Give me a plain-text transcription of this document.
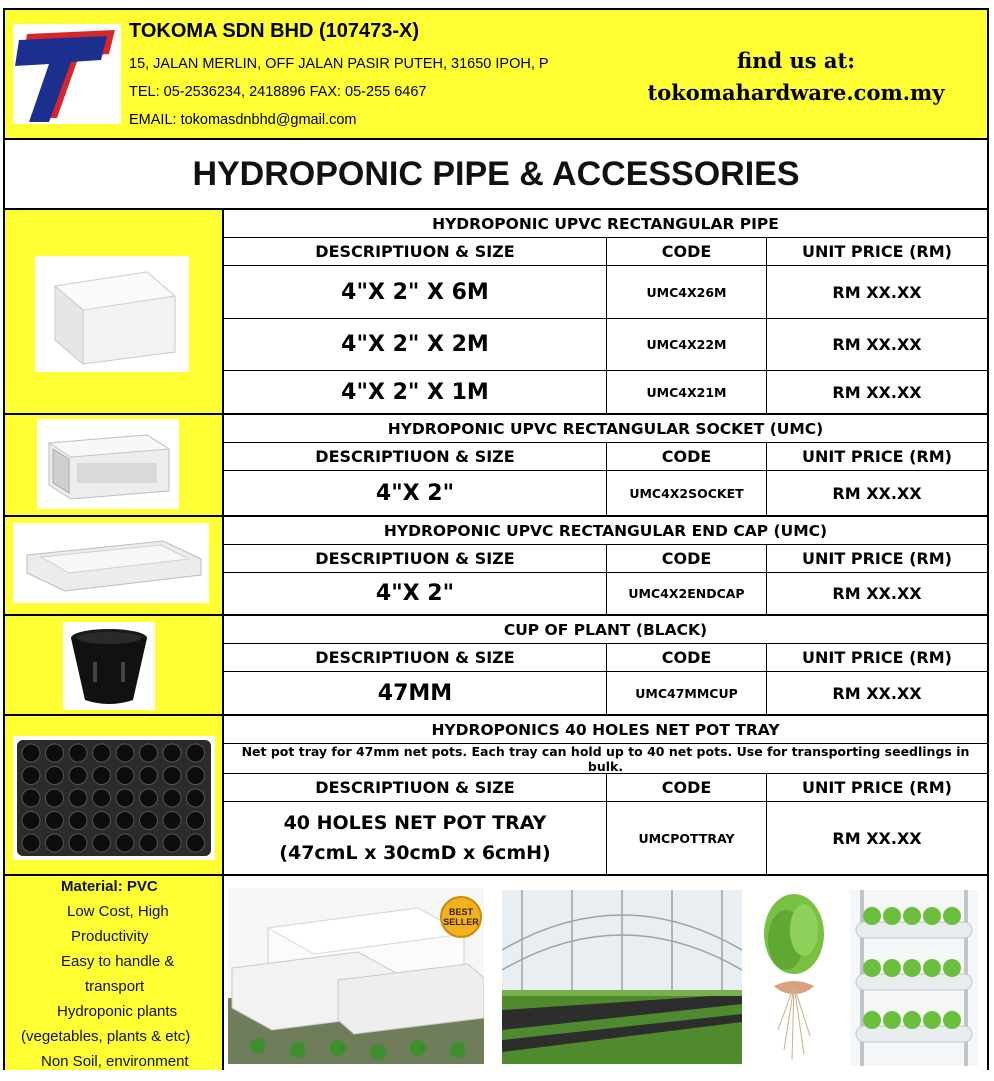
TOKOMA SDN BHD (107473-X)
15, JALAN MERLIN, OFF JALAN PASIR PUTEH, 31650 IPOH, P
TEL: 05-2536234, 2418896 FAX: 05-255 6467
EMAIL: tokomasdnbhd@gmail.com
find us at:
tokomahardware.com.my
HYDROPONIC PIPE & ACCESSORIES
HYDROPONIC UPVC RECTANGULAR PIPE
DESCRIPTIUON & SIZE	CODE	UNIT PRICE (RM)
4"X 2" X 6M	UMC4X26M	RM XX.XX
4"X 2" X 2M	UMC4X22M	RM XX.XX
4"X 2" X 1M	UMC4X21M	RM XX.XX
HYDROPONIC UPVC RECTANGULAR SOCKET (UMC)
DESCRIPTIUON & SIZE	CODE	UNIT PRICE (RM)
4"X 2"	UMC4X2SOCKET	RM XX.XX
HYDROPONIC UPVC RECTANGULAR END CAP (UMC)
DESCRIPTIUON & SIZE	CODE	UNIT PRICE (RM)
4"X 2"	UMC4X2ENDCAP	RM XX.XX
CUP OF PLANT (BLACK)
DESCRIPTIUON & SIZE	CODE	UNIT PRICE (RM)
47MM	UMC47MMCUP	RM XX.XX
HYDROPONICS 40 HOLES NET POT TRAY
Net pot tray for 47mm net pots. Each tray can hold up to 40 net pots. Use for transporting seedlings in bulk.
DESCRIPTIUON & SIZE	CODE	UNIT PRICE (RM)
40 HOLES NET POT TRAY
(47cmL x 30cmD x 6cmH)
UMCPOTTRAY	RM XX.XX
Material: PVC
Low Cost, High
Productivity
Easy to handle &
transport
Hydroponic plants
(vegetables, plants & etc)
Non Soil, environment
BEST
SELLER
